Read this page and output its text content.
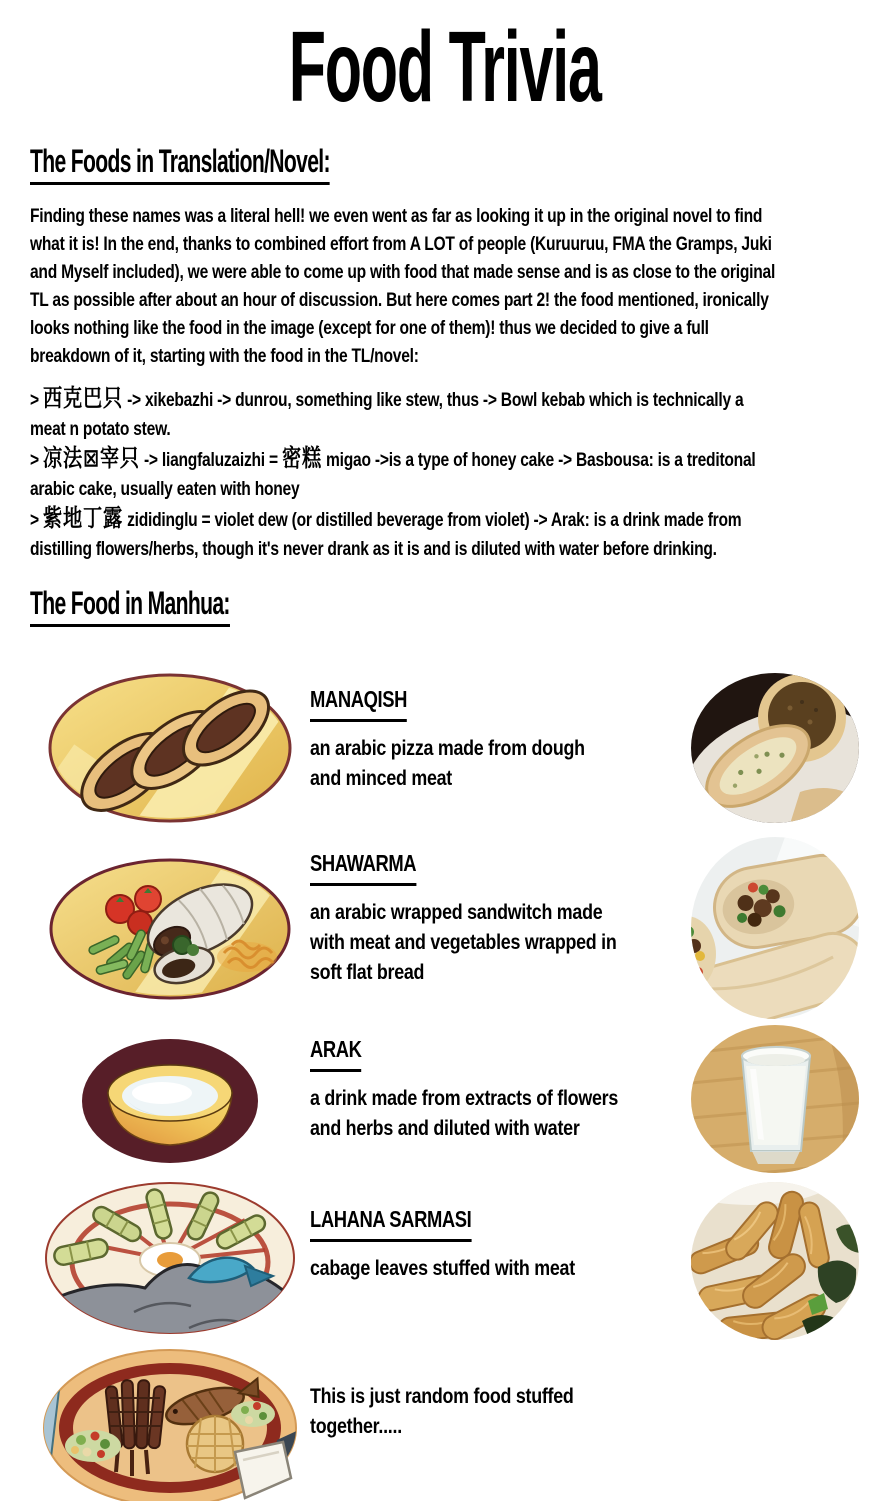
Food Trivia
The Foods in Translation/Novel:
Finding these names was a literal hell! we even went as far as looking it up in the original novel to find
what it is! In the end, thanks to combined effort from A LOT of people (Kuruuruu, FMA the Gramps, Juki
and Myself included), we were able to come up with food that made sense and is as close to the original
TL as possible after about an hour of discussion. But here comes part 2! the food mentioned, ironically
looks nothing like the food in the image (except for one of them)! thus we decided to give a full
breakdown of it, starting with the food in the TL/novel:
> 西克巴只 -> xikebazhi -> dunrou, something like stew, thus -> Bowl kebab which is technically a
meat n potato stew.
> 凉法⊠宰只 -> liangfaluzaizhi = 密糕 migao ->is a type of honey cake -> Basbousa: is a treditonal
arabic cake, usually eaten with honey
> 紫地丁露 zididinglu = violet dew (or distilled beverage from violet) -> Arak: is a drink made from
distilling flowers/herbs, though it's never drank as it is and is diluted with water before drinking.
The Food in Manhua:
MANAQISH
an arabic pizza made from dough
and minced meat
SHAWARMA
an arabic wrapped sandwitch made
with meat and vegetables wrapped in
soft flat bread
ARAK
a drink made from extracts of flowers
and herbs and diluted with water
LAHANA SARMASI
cabage leaves stuffed with meat
This is just random food stuffed
together.....
